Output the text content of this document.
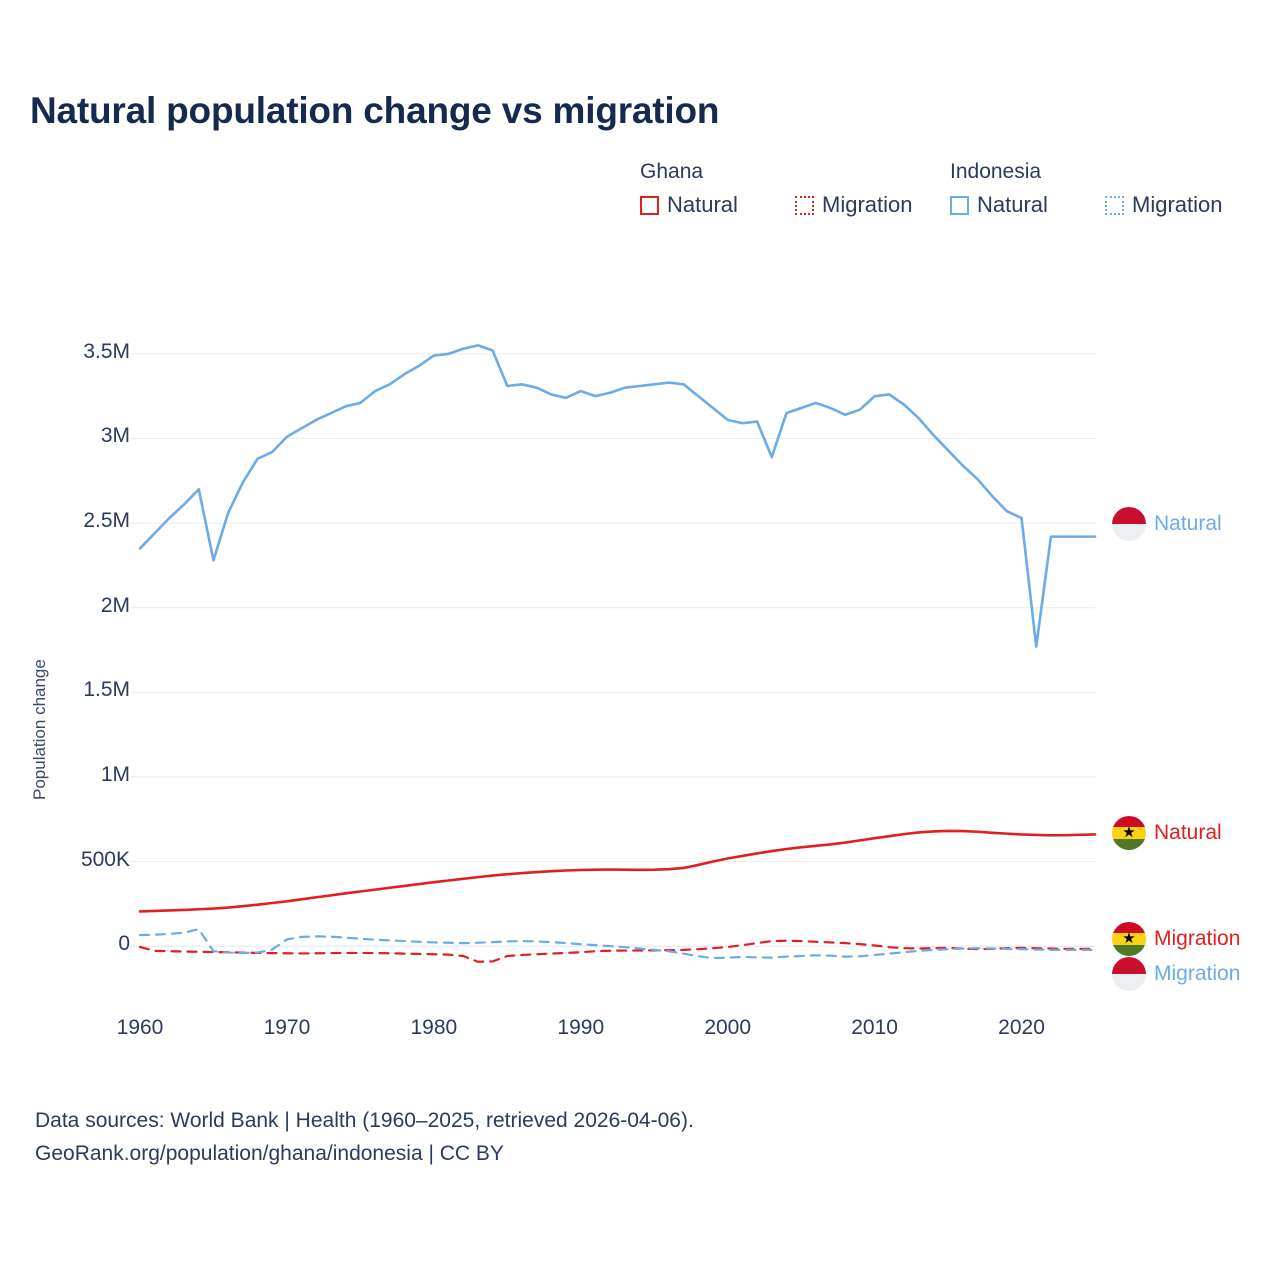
Natural population change vs migration
Ghana	Indonesia
Natural	Migration	Natural	Migration
Population change
0
500K
1M
1.5M
2M
2.5M
3M
3.5M
1960	1970	1980	1990	2000	2010	2020
Natural
★ Natural
★ Migration
Migration
Data sources: World Bank | Health (1960–2025, retrieved 2026-04-06).
GeoRank.org/population/ghana/indonesia | CC BY
